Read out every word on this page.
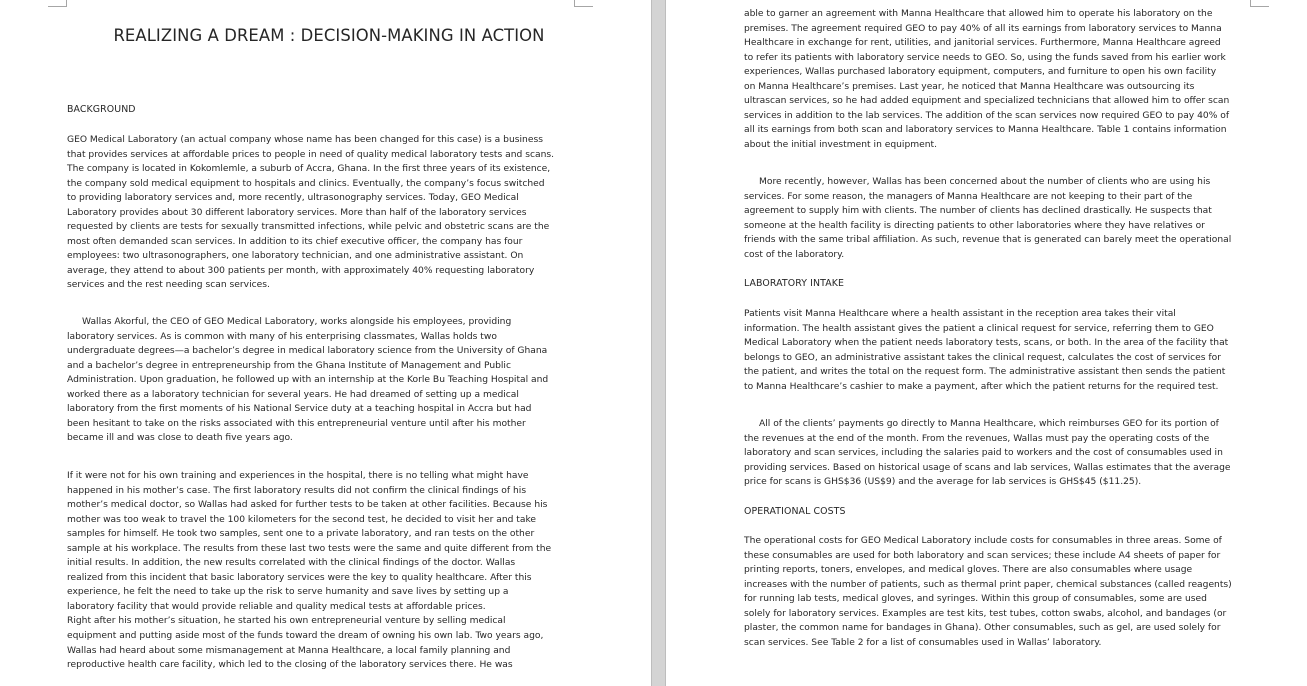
REALIZING A DREAM : DECISION-MAKING IN ACTION
BACKGROUND
GEO Medical Laboratory (an actual company whose name has been changed for this case) is a business
that provides services at affordable prices to people in need of quality medical laboratory tests and scans.
The company is located in Kokomlemle, a suburb of Accra, Ghana. In the first three years of its existence,
the company sold medical equipment to hospitals and clinics. Eventually, the company’s focus switched
to providing laboratory services and, more recently, ultrasonography services. Today, GEO Medical
Laboratory provides about 30 different laboratory services. More than half of the laboratory services
requested by clients are tests for sexually transmitted infections, while pelvic and obstetric scans are the
most often demanded scan services. In addition to its chief executive officer, the company has four
employees: two ultrasonographers, one laboratory technician, and one administrative assistant. On
average, they attend to about 300 patients per month, with approximately 40% requesting laboratory
services and the rest needing scan services.
Wallas Akorful, the CEO of GEO Medical Laboratory, works alongside his employees, providing
laboratory services. As is common with many of his enterprising classmates, Wallas holds two
undergraduate degrees—a bachelor’s degree in medical laboratory science from the University of Ghana
and a bachelor’s degree in entrepreneurship from the Ghana Institute of Management and Public
Administration. Upon graduation, he followed up with an internship at the Korle Bu Teaching Hospital and
worked there as a laboratory technician for several years. He had dreamed of setting up a medical
laboratory from the first moments of his National Service duty at a teaching hospital in Accra but had
been hesitant to take on the risks associated with this entrepreneurial venture until after his mother
became ill and was close to death five years ago.
If it were not for his own training and experiences in the hospital, there is no telling what might have
happened in his mother’s case. The first laboratory results did not confirm the clinical findings of his
mother’s medical doctor, so Wallas had asked for further tests to be taken at other facilities. Because his
mother was too weak to travel the 100 kilometers for the second test, he decided to visit her and take
samples for himself. He took two samples, sent one to a private laboratory, and ran tests on the other
sample at his workplace. The results from these last two tests were the same and quite different from the
initial results. In addition, the new results correlated with the clinical findings of the doctor. Wallas
realized from this incident that basic laboratory services were the key to quality healthcare. After this
experience, he felt the need to take up the risk to serve humanity and save lives by setting up a
laboratory facility that would provide reliable and quality medical tests at affordable prices.
Right after his mother’s situation, he started his own entrepreneurial venture by selling medical
equipment and putting aside most of the funds toward the dream of owning his own lab. Two years ago,
Wallas had heard about some mismanagement at Manna Healthcare, a local family planning and
reproductive health care facility, which led to the closing of the laboratory services there. He was
able to garner an agreement with Manna Healthcare that allowed him to operate his laboratory on the
premises. The agreement required GEO to pay 40% of all its earnings from laboratory services to Manna
Healthcare in exchange for rent, utilities, and janitorial services. Furthermore, Manna Healthcare agreed
to refer its patients with laboratory service needs to GEO. So, using the funds saved from his earlier work
experiences, Wallas purchased laboratory equipment, computers, and furniture to open his own facility
on Manna Healthcare’s premises. Last year, he noticed that Manna Healthcare was outsourcing its
ultrascan services, so he had added equipment and specialized technicians that allowed him to offer scan
services in addition to the lab services. The addition of the scan services now required GEO to pay 40% of
all its earnings from both scan and laboratory services to Manna Healthcare. Table 1 contains information
about the initial investment in equipment.
More recently, however, Wallas has been concerned about the number of clients who are using his
services. For some reason, the managers of Manna Healthcare are not keeping to their part of the
agreement to supply him with clients. The number of clients has declined drastically. He suspects that
someone at the health facility is directing patients to other laboratories where they have relatives or
friends with the same tribal affiliation. As such, revenue that is generated can barely meet the operational
cost of the laboratory.
LABORATORY INTAKE
Patients visit Manna Healthcare where a health assistant in the reception area takes their vital
information. The health assistant gives the patient a clinical request for service, referring them to GEO
Medical Laboratory when the patient needs laboratory tests, scans, or both. In the area of the facility that
belongs to GEO, an administrative assistant takes the clinical request, calculates the cost of services for
the patient, and writes the total on the request form. The administrative assistant then sends the patient
to Manna Healthcare’s cashier to make a payment, after which the patient returns for the required test.
All of the clients’ payments go directly to Manna Healthcare, which reimburses GEO for its portion of
the revenues at the end of the month. From the revenues, Wallas must pay the operating costs of the
laboratory and scan services, including the salaries paid to workers and the cost of consumables used in
providing services. Based on historical usage of scans and lab services, Wallas estimates that the average
price for scans is GHS$36 (US$9) and the average for lab services is GHS$45 ($11.25).
OPERATIONAL COSTS
The operational costs for GEO Medical Laboratory include costs for consumables in three areas. Some of
these consumables are used for both laboratory and scan services; these include A4 sheets of paper for
printing reports, toners, envelopes, and medical gloves. There are also consumables where usage
increases with the number of patients, such as thermal print paper, chemical substances (called reagents)
for running lab tests, medical gloves, and syringes. Within this group of consumables, some are used
solely for laboratory services. Examples are test kits, test tubes, cotton swabs, alcohol, and bandages (or
plaster, the common name for bandages in Ghana). Other consumables, such as gel, are used solely for
scan services. See Table 2 for a list of consumables used in Wallas’ laboratory.
